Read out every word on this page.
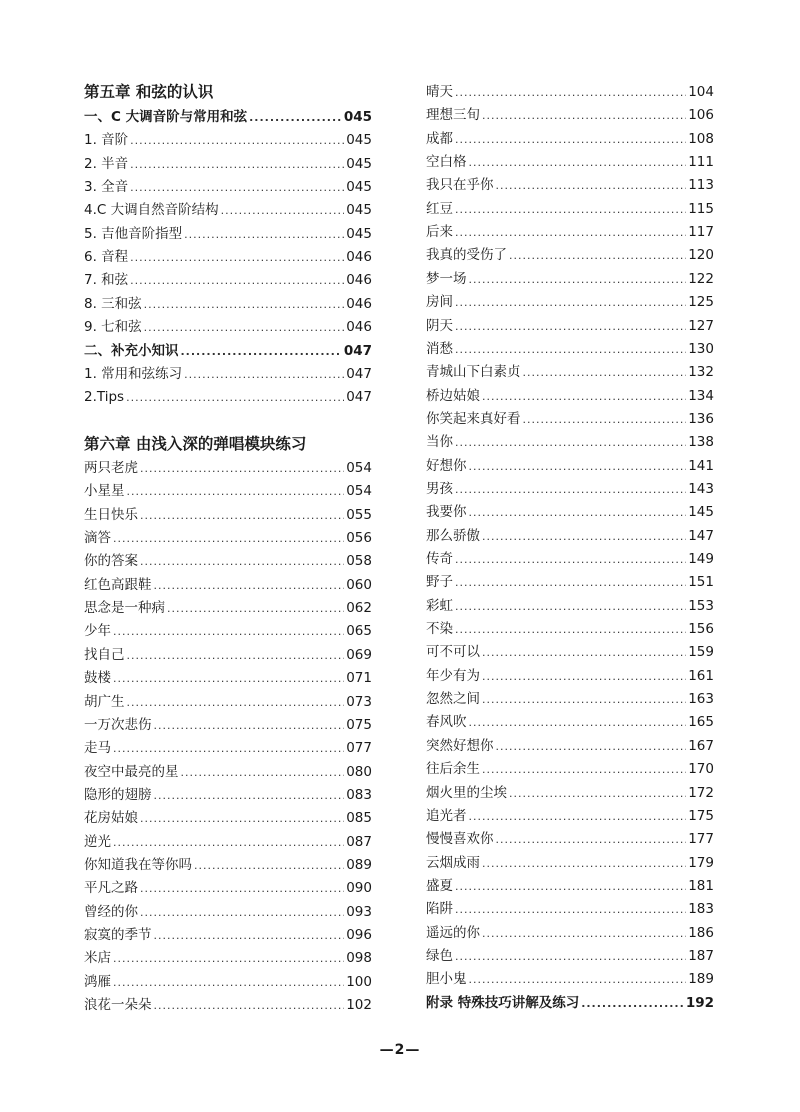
第五章 和弦的认识
一、C 大调音阶与常用和弦 .....	045
1. 音阶 .....	045
2. 半音 .....	045
3. 全音 .....	045
4.C 大调自然音阶结构 .....	045
5. 吉他音阶指型 .....	045
6. 音程 .....	046
7. 和弦 .....	046
8. 三和弦 .....	046
9. 七和弦 .....	046
二、补充小知识 .....	047
1. 常用和弦练习 .....	047
2.Tips .....	047
第六章 由浅入深的弹唱模块练习
两只老虎 .....	054
小星星 .....	054
生日快乐 .....	055
滴答 .....	056
你的答案 .....	058
红色高跟鞋 .....	060
思念是一种病 .....	062
少年 .....	065
找自己 .....	069
鼓楼 .....	071
胡广生 .....	073
一万次悲伤 .....	075
走马 .....	077
夜空中最亮的星 .....	080
隐形的翅膀 .....	083
花房姑娘 .....	085
逆光 .....	087
你知道我在等你吗 .....	089
平凡之路 .....	090
曾经的你 .....	093
寂寞的季节 .....	096
米店 .....	098
鸿雁 .....	100
浪花一朵朵 .....	102
晴天 .....	104
理想三旬 .....	106
成都 .....	108
空白格 .....	111
我只在乎你 .....	113
红豆 .....	115
后来 .....	117
我真的受伤了 .....	120
梦一场 .....	122
房间 .....	125
阴天 .....	127
消愁 .....	130
青城山下白素贞 .....	132
桥边姑娘 .....	134
你笑起来真好看 .....	136
当你 .....	138
好想你 .....	141
男孩 .....	143
我要你 .....	145
那么骄傲 .....	147
传奇 .....	149
野子 .....	151
彩虹 .....	153
不染 .....	156
可不可以 .....	159
年少有为 .....	161
忽然之间 .....	163
春风吹 .....	165
突然好想你 .....	167
往后余生 .....	170
烟火里的尘埃 .....	172
追光者 .....	175
慢慢喜欢你 .....	177
云烟成雨 .....	179
盛夏 .....	181
陷阱 .....	183
遥远的你 .....	186
绿色 .....	187
胆小鬼 .....	189
附录 特殊技巧讲解及练习 .....	192
—2—
